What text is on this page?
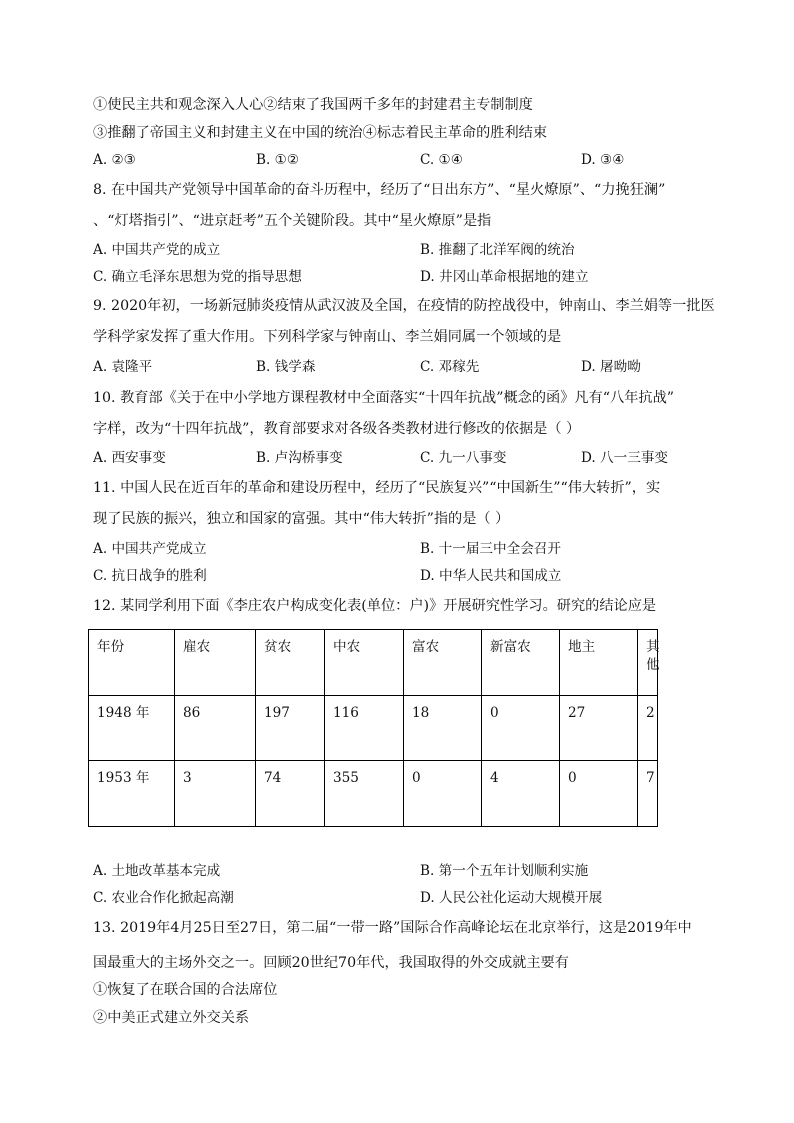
①使民主共和观念深入人心②结束了我国两千多年的封建君主专制制度
③推翻了帝国主义和封建主义在中国的统治④标志着民主革命的胜利结束
A. ②③	B. ①②	C. ①④	D. ③④
8. 在中国共产党领导中国革命的奋斗历程中，经历了“日出东方”、“星火燎原”、“力挽狂澜”
、“灯塔指引”、“进京赶考”五个关键阶段。其中“星火燎原”是指
A. 中国共产党的成立	B. 推翻了北洋军阀的统治
C. 确立毛泽东思想为党的指导思想	D. 井冈山革命根据地的建立
9. 2020年初，一场新冠肺炎疫情从武汉波及全国，在疫情的防控战役中，钟南山、李兰娟等一批医
学科学家发挥了重大作用。下列科学家与钟南山、李兰娟同属一个领域的是
A. 袁隆平	B. 钱学森	C. 邓稼先	D. 屠呦呦
10. 教育部《关于在中小学地方课程教材中全面落实“十四年抗战”概念的函》凡有“八年抗战”
字样，改为“十四年抗战”，教育部要求对各级各类教材进行修改的依据是（ ）
A. 西安事变	B. 卢沟桥事变	C. 九一八事变	D. 八一三事变
11. 中国人民在近百年的革命和建设历程中，经历了“民族复兴”“中国新生”“伟大转折”，实
现了民族的振兴，独立和国家的富强。其中“伟大转折”指的是（ ）
A. 中国共产党成立	B. 十一届三中全会召开
C. 抗日战争的胜利	D. 中华人民共和国成立
12. 某同学利用下面《李庄农户构成变化表(单位：户)》开展研究性学习。研究的结论应是
年份	雇农	贫农	中农	富农	新富农	地主	其他
1948 年	86	197	116	18	0	27	2
1953 年	3	74	355	0	4	0	7
A. 土地改革基本完成	B. 第一个五年计划顺利实施
C. 农业合作化掀起高潮	D. 人民公社化运动大规模开展
13. 2019年4月25日至27日，第二届“一带一路”国际合作高峰论坛在北京举行，这是2019年中
国最重大的主场外交之一。回顾20世纪70年代，我国取得的外交成就主要有
①恢复了在联合国的合法席位
②中美正式建立外交关系
